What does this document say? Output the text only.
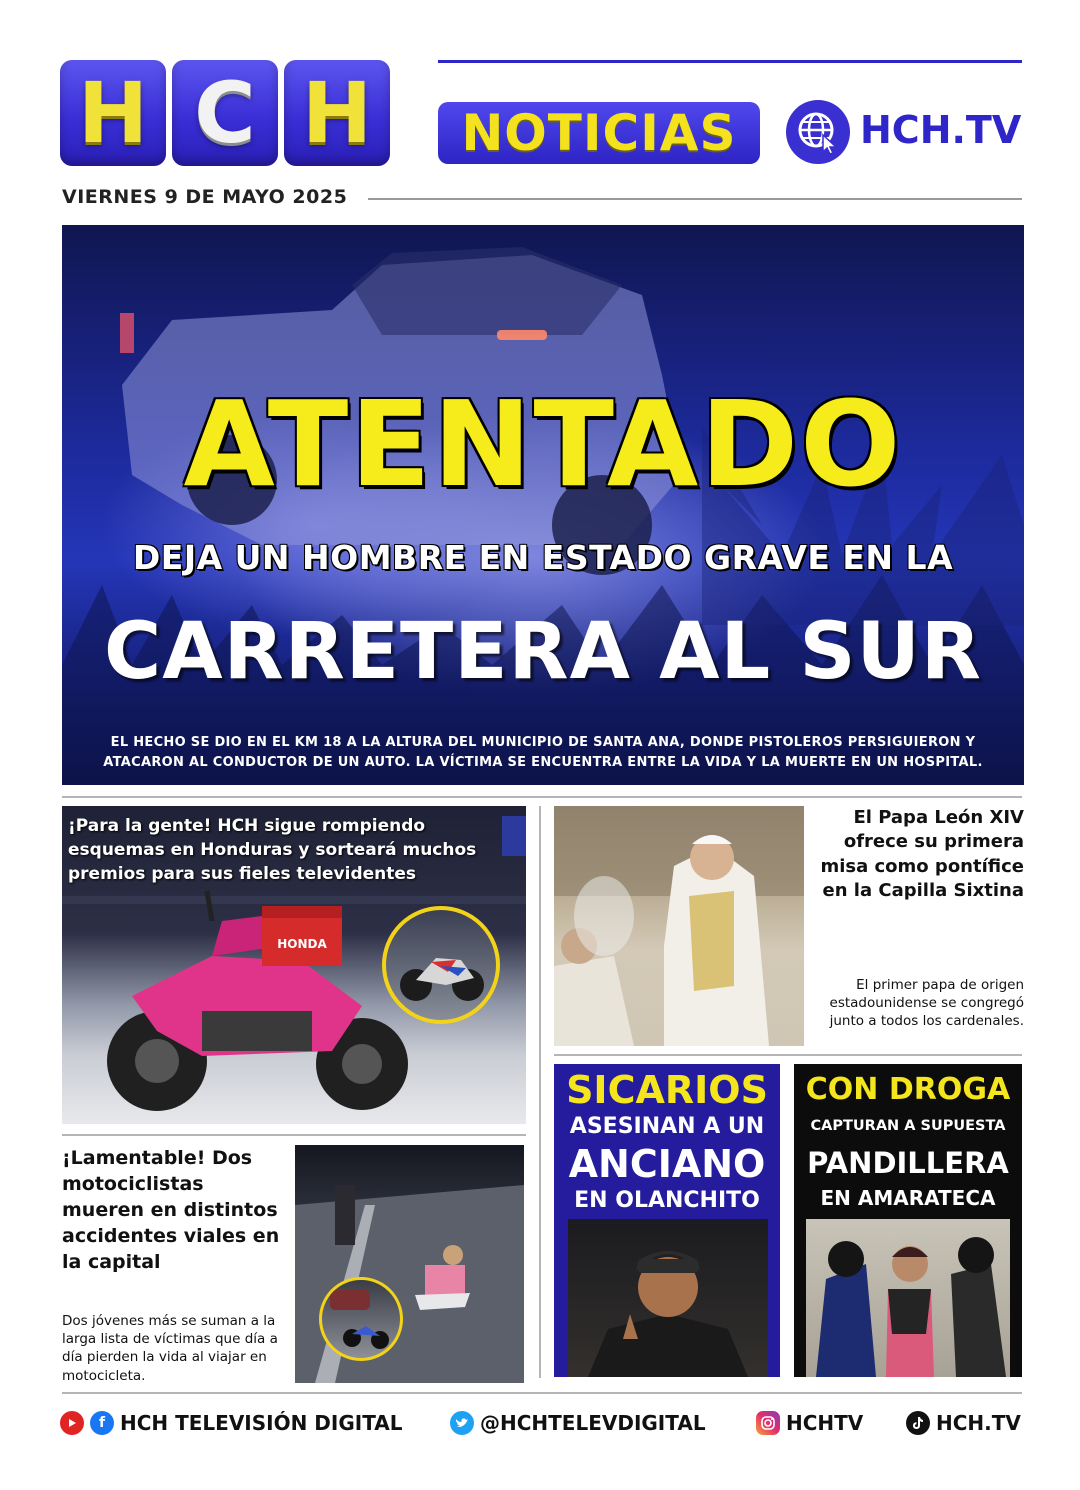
H C H NOTICIAS	HCH.TV
VIERNES 9 DE MAYO 2025
ATENTADO
DEJA UN HOMBRE EN ESTADO GRAVE EN LA
CARRETERA AL SUR
EL HECHO SE DIO EN EL KM 18 A LA ALTURA DEL MUNICIPIO DE SANTA ANA, DONDE PISTOLEROS PERSIGUIERON Y ATACARON AL CONDUCTOR DE UN AUTO. LA VÍCTIMA SE ENCUENTRA ENTRE LA VIDA Y LA MUERTE EN UN HOSPITAL.
HONDA
¡Para la gente! HCH sigue rompiendo esquemas en Honduras y sorteará muchos premios para sus fieles televidentes
¡Lamentable! Dos motociclistas mueren en distintos accidentes viales en la capital
Dos jóvenes más se suman a la larga lista de víctimas que día a día pierden la vida al viajar en motocicleta.
El Papa León XIV ofrece su primera misa como pontífice en la Capilla Sixtina
El primer papa de origen estadounidense se congregó junto a todos los cardenales.
SICARIOS
ASESINAN A UN
ANCIANO
EN OLANCHITO
CON DROGA
CAPTURAN A SUPUESTA
PANDILLERA
EN AMARATECA
f HCH TELEVISIÓN DIGITAL	@HCHTELEVDIGITAL	HCHTV	HCH.TV
